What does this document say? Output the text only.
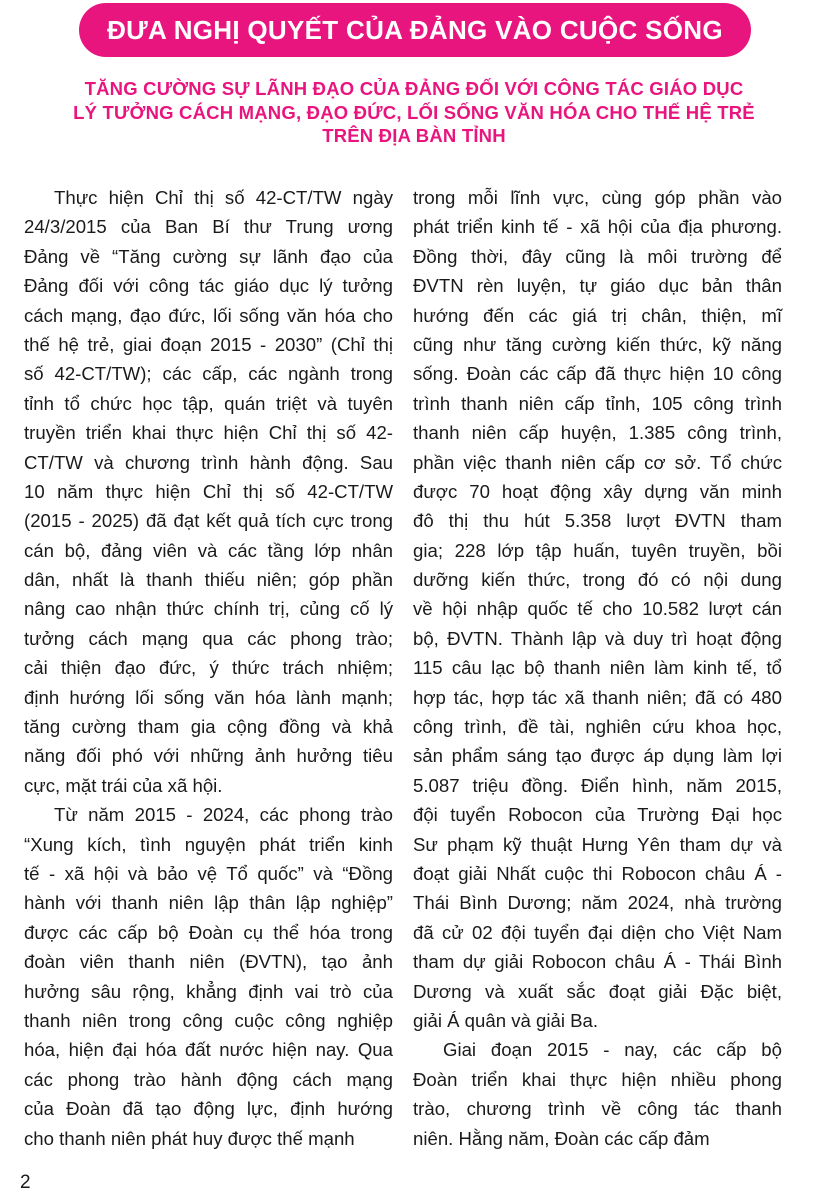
ĐƯA NGHỊ QUYẾT CỦA ĐẢNG VÀO CUỘC SỐNG
TĂNG CƯỜNG SỰ LÃNH ĐẠO CỦA ĐẢNG ĐỐI VỚI CÔNG TÁC GIÁO DỤC
LÝ TƯỞNG CÁCH MẠNG, ĐẠO ĐỨC, LỐI SỐNG VĂN HÓA CHO THẾ HỆ TRẺ
TRÊN ĐỊA BÀN TỈNH
Thực hiện Chỉ thị số 42-CT/TW ngày
24/3/2015 của Ban Bí thư Trung ương
Đảng về “Tăng cường sự lãnh đạo của
Đảng đối với công tác giáo dục lý tưởng
cách mạng, đạo đức, lối sống văn hóa cho
thế hệ trẻ, giai đoạn 2015 - 2030” (Chỉ thị
số 42-CT/TW); các cấp, các ngành trong
tỉnh tổ chức học tập, quán triệt và tuyên
truyền triển khai thực hiện Chỉ thị số 42-
CT/TW và chương trình hành động. Sau
10 năm thực hiện Chỉ thị số 42-CT/TW
(2015 - 2025) đã đạt kết quả tích cực trong
cán bộ, đảng viên và các tầng lớp nhân
dân, nhất là thanh thiếu niên; góp phần
nâng cao nhận thức chính trị, củng cố lý
tưởng cách mạng qua các phong trào;
cải thiện đạo đức, ý thức trách nhiệm;
định hướng lối sống văn hóa lành mạnh;
tăng cường tham gia cộng đồng và khả
năng đối phó với những ảnh hưởng tiêu
cực, mặt trái của xã hội.
Từ năm 2015 - 2024, các phong trào
“Xung kích, tình nguyện phát triển kinh
tế - xã hội và bảo vệ Tổ quốc” và “Đồng
hành với thanh niên lập thân lập nghiệp”
được các cấp bộ Đoàn cụ thể hóa trong
đoàn viên thanh niên (ĐVTN), tạo ảnh
hưởng sâu rộng, khẳng định vai trò của
thanh niên trong công cuộc công nghiệp
hóa, hiện đại hóa đất nước hiện nay. Qua
các phong trào hành động cách mạng
của Đoàn đã tạo động lực, định hướng
cho thanh niên phát huy được thế mạnh
trong mỗi lĩnh vực, cùng góp phần vào
phát triển kinh tế - xã hội của địa phương.
Đồng thời, đây cũng là môi trường để
ĐVTN rèn luyện, tự giáo dục bản thân
hướng đến các giá trị chân, thiện, mĩ
cũng như tăng cường kiến thức, kỹ năng
sống. Đoàn các cấp đã thực hiện 10 công
trình thanh niên cấp tỉnh, 105 công trình
thanh niên cấp huyện, 1.385 công trình,
phần việc thanh niên cấp cơ sở. Tổ chức
được 70 hoạt động xây dựng văn minh
đô thị thu hút 5.358 lượt ĐVTN tham
gia; 228 lớp tập huấn, tuyên truyền, bồi
dưỡng kiến thức, trong đó có nội dung
về hội nhập quốc tế cho 10.582 lượt cán
bộ, ĐVTN. Thành lập và duy trì hoạt động
115 câu lạc bộ thanh niên làm kinh tế, tổ
hợp tác, hợp tác xã thanh niên; đã có 480
công trình, đề tài, nghiên cứu khoa học,
sản phẩm sáng tạo được áp dụng làm lợi
5.087 triệu đồng. Điển hình, năm 2015,
đội tuyển Robocon của Trường Đại học
Sư phạm kỹ thuật Hưng Yên tham dự và
đoạt giải Nhất cuộc thi Robocon châu Á -
Thái Bình Dương; năm 2024, nhà trường
đã cử 02 đội tuyển đại diện cho Việt Nam
tham dự giải Robocon châu Á - Thái Bình
Dương và xuất sắc đoạt giải Đặc biệt,
giải Á quân và giải Ba.
Giai đoạn 2015 - nay, các cấp bộ
Đoàn triển khai thực hiện nhiều phong
trào, chương trình về công tác thanh
niên. Hằng năm, Đoàn các cấp đảm
2
